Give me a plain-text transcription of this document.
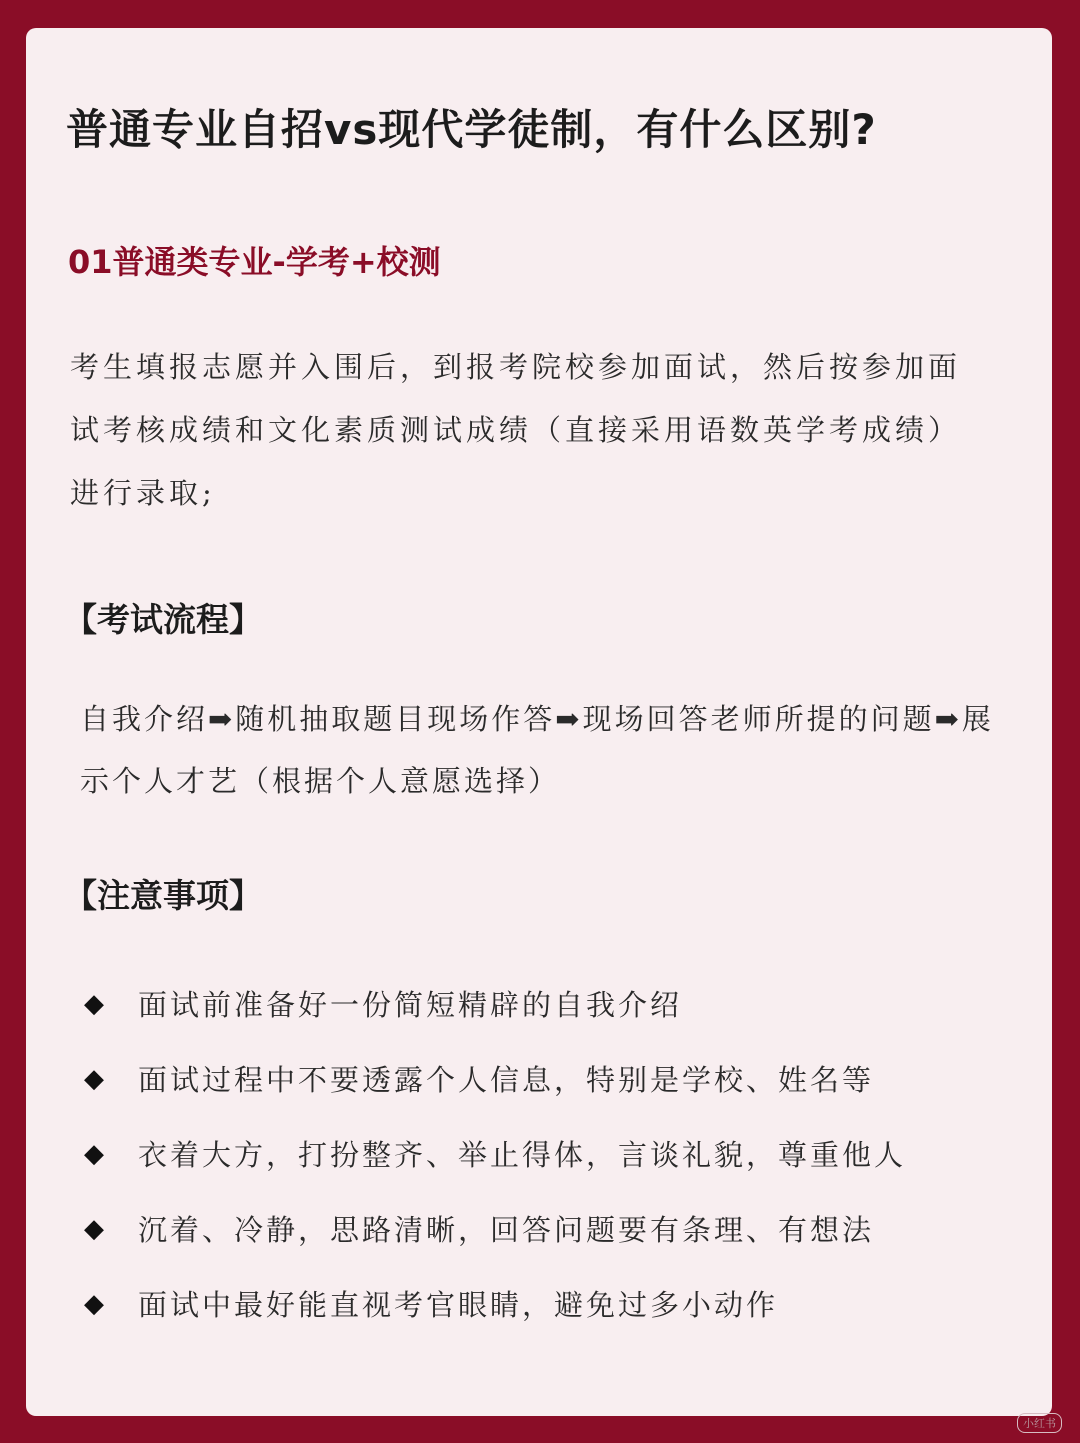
普通专业自招vs现代学徒制，有什么区别?
01普通类专业-学考+校测

考生填报志愿并入围后，到报考院校参加面试，然后按参加面试考核成绩和文化素质测试成绩（直接采用语数英学考成绩）进行录取;

【考试流程】

自我介绍➡随机抽取题目现场作答➡现场回答老师所提的问题➡展示个人才艺（根据个人意愿选择）

【注意事项】
◆	面试前准备好一份简短精辟的自我介绍
◆	面试过程中不要透露个人信息，特别是学校、姓名等
◆	衣着大方，打扮整齐、举止得体，言谈礼貌，尊重他人
◆	沉着、冷静，思路清晰，回答问题要有条理、有想法
◆	面试中最好能直视考官眼睛，避免过多小动作
小红书
